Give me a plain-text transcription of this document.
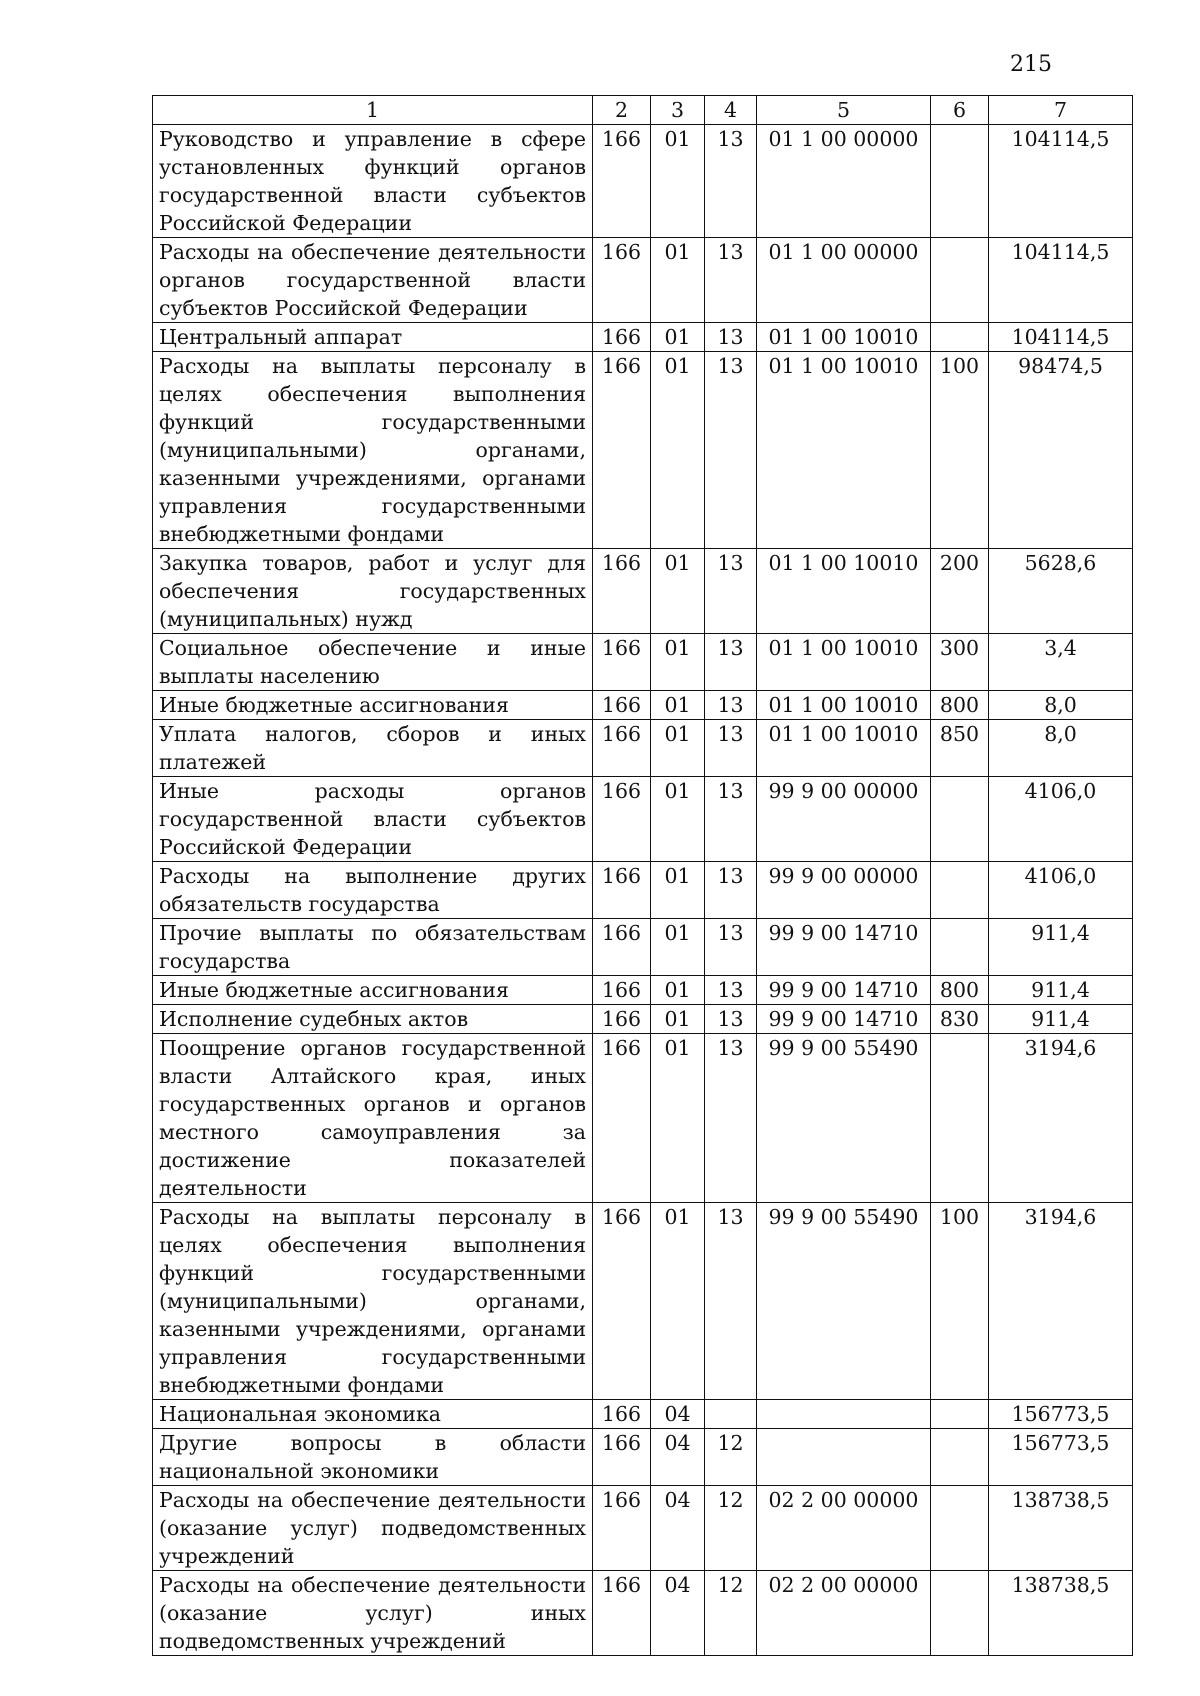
215
1	2	3	4	5	6	7
Руководство и управление в сфере установленных функций органов государственной власти субъектов Российской Федерации	166	01	13	01 1 00 00000		104114,5
Расходы на обеспечение деятельности органов государственной власти субъектов Российской Федерации	166	01	13	01 1 00 00000		104114,5
Центральный аппарат	166	01	13	01 1 00 10010		104114,5
Расходы на выплаты персоналу в целях обеспечения выполнения функций государственными (муниципальными) органами, казенными учреждениями, органами управления государственными внебюджетными фондами	166	01	13	01 1 00 10010	100	98474,5
Закупка товаров, работ и услуг для обеспечения государственных (муниципальных) нужд	166	01	13	01 1 00 10010	200	5628,6
Социальное обеспечение и иные выплаты населению	166	01	13	01 1 00 10010	300	3,4
Иные бюджетные ассигнования	166	01	13	01 1 00 10010	800	8,0
Уплата налогов, сборов и иных платежей	166	01	13	01 1 00 10010	850	8,0
Иные расходы органов государственной власти субъектов Российской Федерации	166	01	13	99 9 00 00000		4106,0
Расходы на выполнение других обязательств государства	166	01	13	99 9 00 00000		4106,0
Прочие выплаты по обязательствам государства	166	01	13	99 9 00 14710		911,4
Иные бюджетные ассигнования	166	01	13	99 9 00 14710	800	911,4
Исполнение судебных актов	166	01	13	99 9 00 14710	830	911,4
Поощрение органов государственной власти Алтайского края, иных государственных органов и органов местного самоуправления за достижение показателей деятельности	166	01	13	99 9 00 55490		3194,6
Расходы на выплаты персоналу в целях обеспечения выполнения функций государственными (муниципальными) органами, казенными учреждениями, органами управления государственными внебюджетными фондами	166	01	13	99 9 00 55490	100	3194,6
Национальная экономика	166	04				156773,5
Другие вопросы в области национальной экономики	166	04	12			156773,5
Расходы на обеспечение деятельности (оказание услуг) подведомственных учреждений	166	04	12	02 2 00 00000		138738,5
Расходы на обеспечение деятельности (оказание услуг) иных подведомственных учреждений	166	04	12	02 2 00 00000		138738,5
